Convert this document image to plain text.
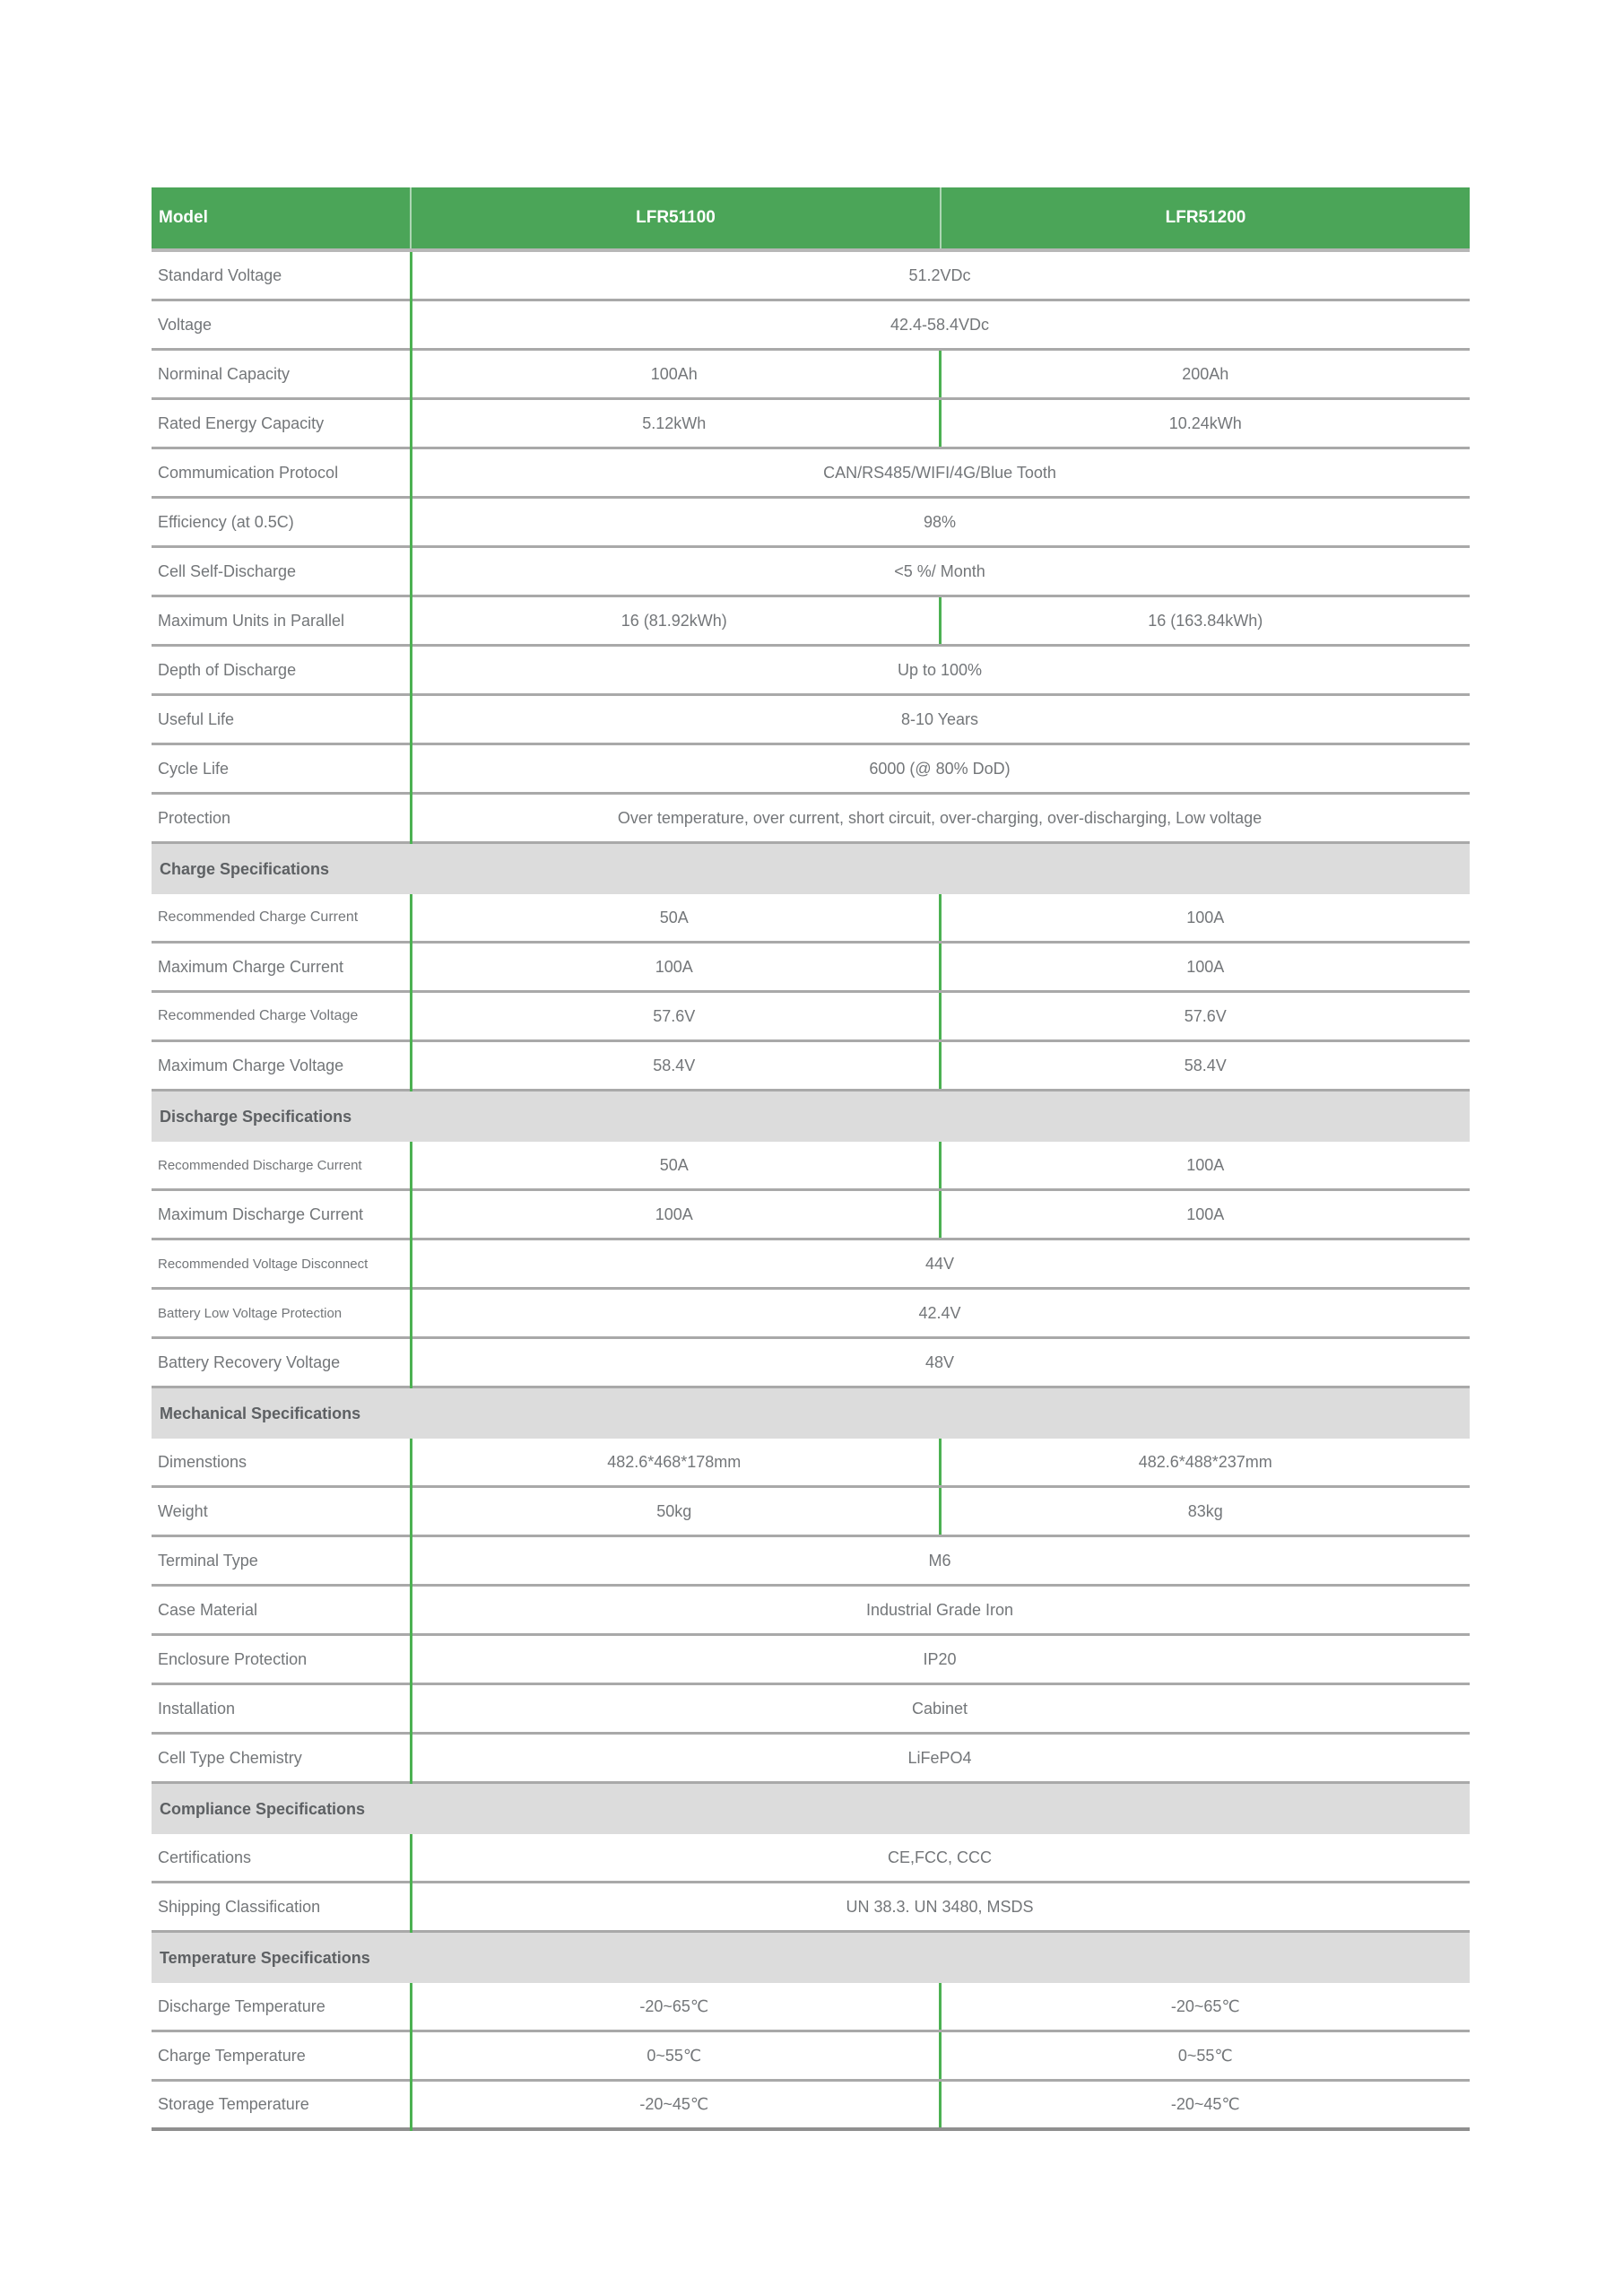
Model	LFR51100	LFR51200
Standard Voltage	51.2VDc
Voltage	42.4-58.4VDc
Norminal Capacity	100Ah	200Ah
Rated Energy Capacity	5.12kWh	10.24kWh
Commumication Protocol	CAN/RS485/WIFI/4G/Blue Tooth
Efficiency (at 0.5C)	98%
Cell Self-Discharge	<5 %/ Month
Maximum Units in Parallel	16 (81.92kWh)	16 (163.84kWh)
Depth of Discharge	Up to 100%
Useful Life	8-10 Years
Cycle Life	6000 (@ 80% DoD)
Protection	Over temperature, over current, short circuit, over-charging, over-discharging, Low voltage
Charge Specifications
Recommended Charge Current	50A	100A
Maximum Charge Current	100A	100A
Recommended Charge Voltage	57.6V	57.6V
Maximum Charge Voltage	58.4V	58.4V
Discharge Specifications
Recommended Discharge Current	50A	100A
Maximum Discharge Current	100A	100A
Recommended Voltage Disconnect	44V
Battery Low Voltage Protection	42.4V
Battery Recovery Voltage	48V
Mechanical Specifications
Dimenstions	482.6*468*178mm	482.6*488*237mm
Weight	50kg	83kg
Terminal Type	M6
Case Material	Industrial Grade Iron
Enclosure Protection	IP20
Installation	Cabinet
Cell Type Chemistry	LiFePO4
Compliance Specifications
Certifications	CE,FCC, CCC
Shipping Classification	UN 38.3. UN 3480, MSDS
Temperature Specifications
Discharge Temperature	-20~65℃	-20~65℃
Charge Temperature	0~55℃	0~55℃
Storage Temperature	-20~45℃	-20~45℃
